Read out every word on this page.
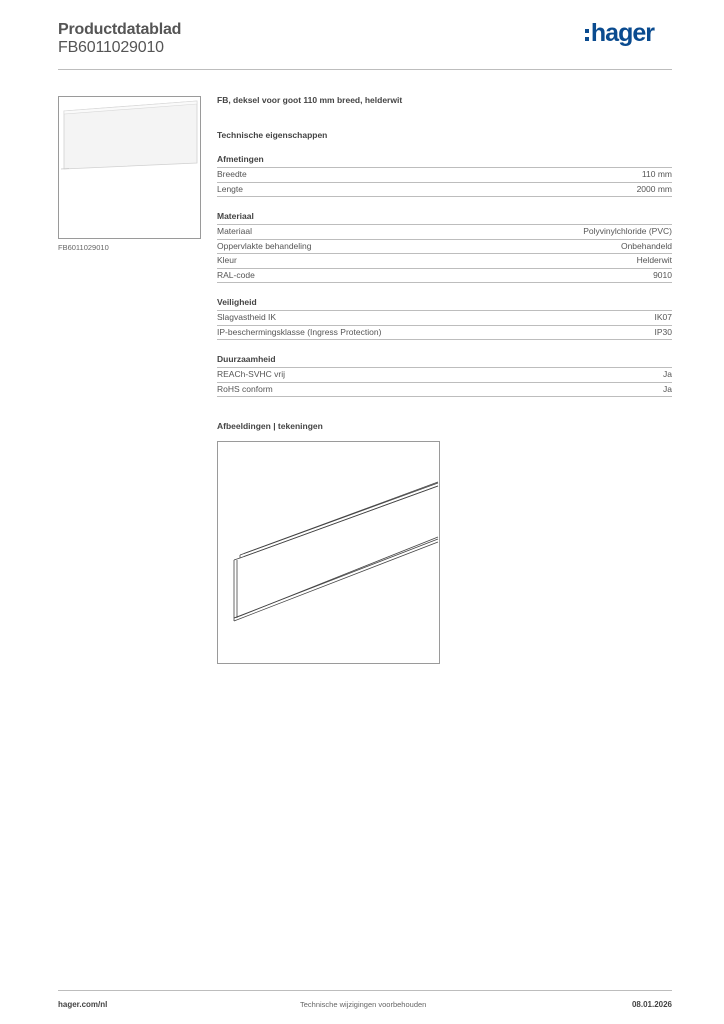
Productdatablad
FB6011029010
hager
FB6011029010
FB, deksel voor goot 110 mm breed, helderwit
Technische eigenschappen
Afmetingen
Breedte	110 mm
Lengte	2000 mm
Materiaal
Materiaal	Polyvinylchloride (PVC)
Oppervlakte behandeling	Onbehandeld
Kleur	Helderwit
RAL-code	9010
Veiligheid
Slagvastheid IK	IK07
IP-beschermingsklasse (Ingress Protection)	IP30
Duurzaamheid
REACh-SVHC vrij	Ja
RoHS conform	Ja
Afbeeldingen | tekeningen
hager.com/nl	Technische wijzigingen voorbehouden	08.01.2026
